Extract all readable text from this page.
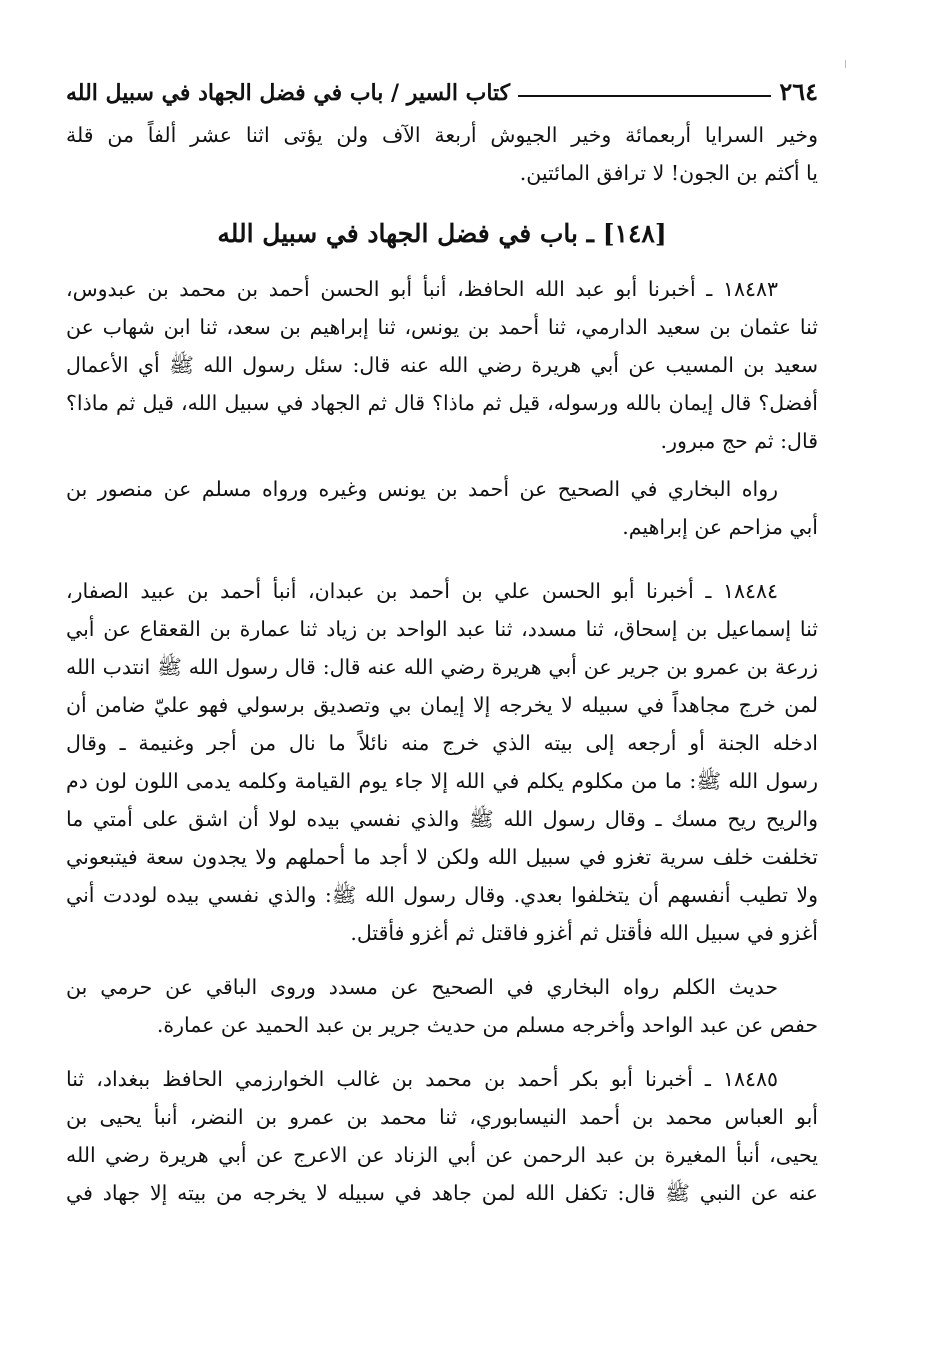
٢٦٤
كتاب السير / باب في فضل الجهاد في سبيل الله
وخير السرايا أربعمائة وخير الجيوش أربعة الآف ولن يؤتى اثنا عشر ألفاً من قلة
يا أكثم بن الجون! لا ترافق المائتين.
[١٤٨] ـ باب في فضل الجهاد في سبيل الله
١٨٤٨٣ ـ أخبرنا أبو عبد الله الحافظ، أنبأ أبو الحسن أحمد بن محمد بن عبدوس،
ثنا عثمان بن سعيد الدارمي، ثنا أحمد بن يونس، ثنا إبراهيم بن سعد، ثنا ابن شهاب عن
سعيد بن المسيب عن أبي هريرة رضي الله عنه قال: سئل رسول الله ﷺ أي الأعمال
أفضل؟ قال إيمان بالله ورسوله، قيل ثم ماذا؟ قال ثم الجهاد في سبيل الله، قيل ثم ماذا؟
قال: ثم حج مبرور.
رواه البخاري في الصحيح عن أحمد بن يونس وغيره ورواه مسلم عن منصور بن
أبي مزاحم عن إبراهيم.
١٨٤٨٤ ـ أخبرنا أبو الحسن علي بن أحمد بن عبدان، أنبأ أحمد بن عبيد الصفار،
ثنا إسماعيل بن إسحاق، ثنا مسدد، ثنا عبد الواحد بن زياد ثنا عمارة بن القعقاع عن أبي
زرعة بن عمرو بن جرير عن أبي هريرة رضي الله عنه قال: قال رسول الله ﷺ انتدب الله
لمن خرج مجاهداً في سبيله لا يخرجه إلا إيمان بي وتصديق برسولي فهو عليّ ضامن أن
ادخله الجنة أو أرجعه إلى بيته الذي خرج منه نائلاً ما نال من أجر وغنيمة ـ وقال
رسول الله ﷺ: ما من مكلوم يكلم في الله إلا جاء يوم القيامة وكلمه يدمى اللون لون دم
والريح ريح مسك ـ وقال رسول الله ﷺ والذي نفسي بيده لولا أن اشق على أمتي ما
تخلفت خلف سرية تغزو في سبيل الله ولكن لا أجد ما أحملهم ولا يجدون سعة فيتبعوني
ولا تطيب أنفسهم أن يتخلفوا بعدي. وقال رسول الله ﷺ: والذي نفسي بيده لوددت أني
أغزو في سبيل الله فأقتل ثم أغزو فاقتل ثم أغزو فأقتل.
حديث الكلم رواه البخاري في الصحيح عن مسدد وروى الباقي عن حرمي بن
حفص عن عبد الواحد وأخرجه مسلم من حديث جرير بن عبد الحميد عن عمارة.
١٨٤٨٥ ـ أخبرنا أبو بكر أحمد بن محمد بن غالب الخوارزمي الحافظ ببغداد، ثنا
أبو العباس محمد بن أحمد النيسابوري، ثنا محمد بن عمرو بن النضر، أنبأ يحيى بن
يحيى، أنبأ المغيرة بن عبد الرحمن عن أبي الزناد عن الاعرج عن أبي هريرة رضي الله
عنه عن النبي ﷺ قال: تكفل الله لمن جاهد في سبيله لا يخرجه من بيته إلا جهاد في
